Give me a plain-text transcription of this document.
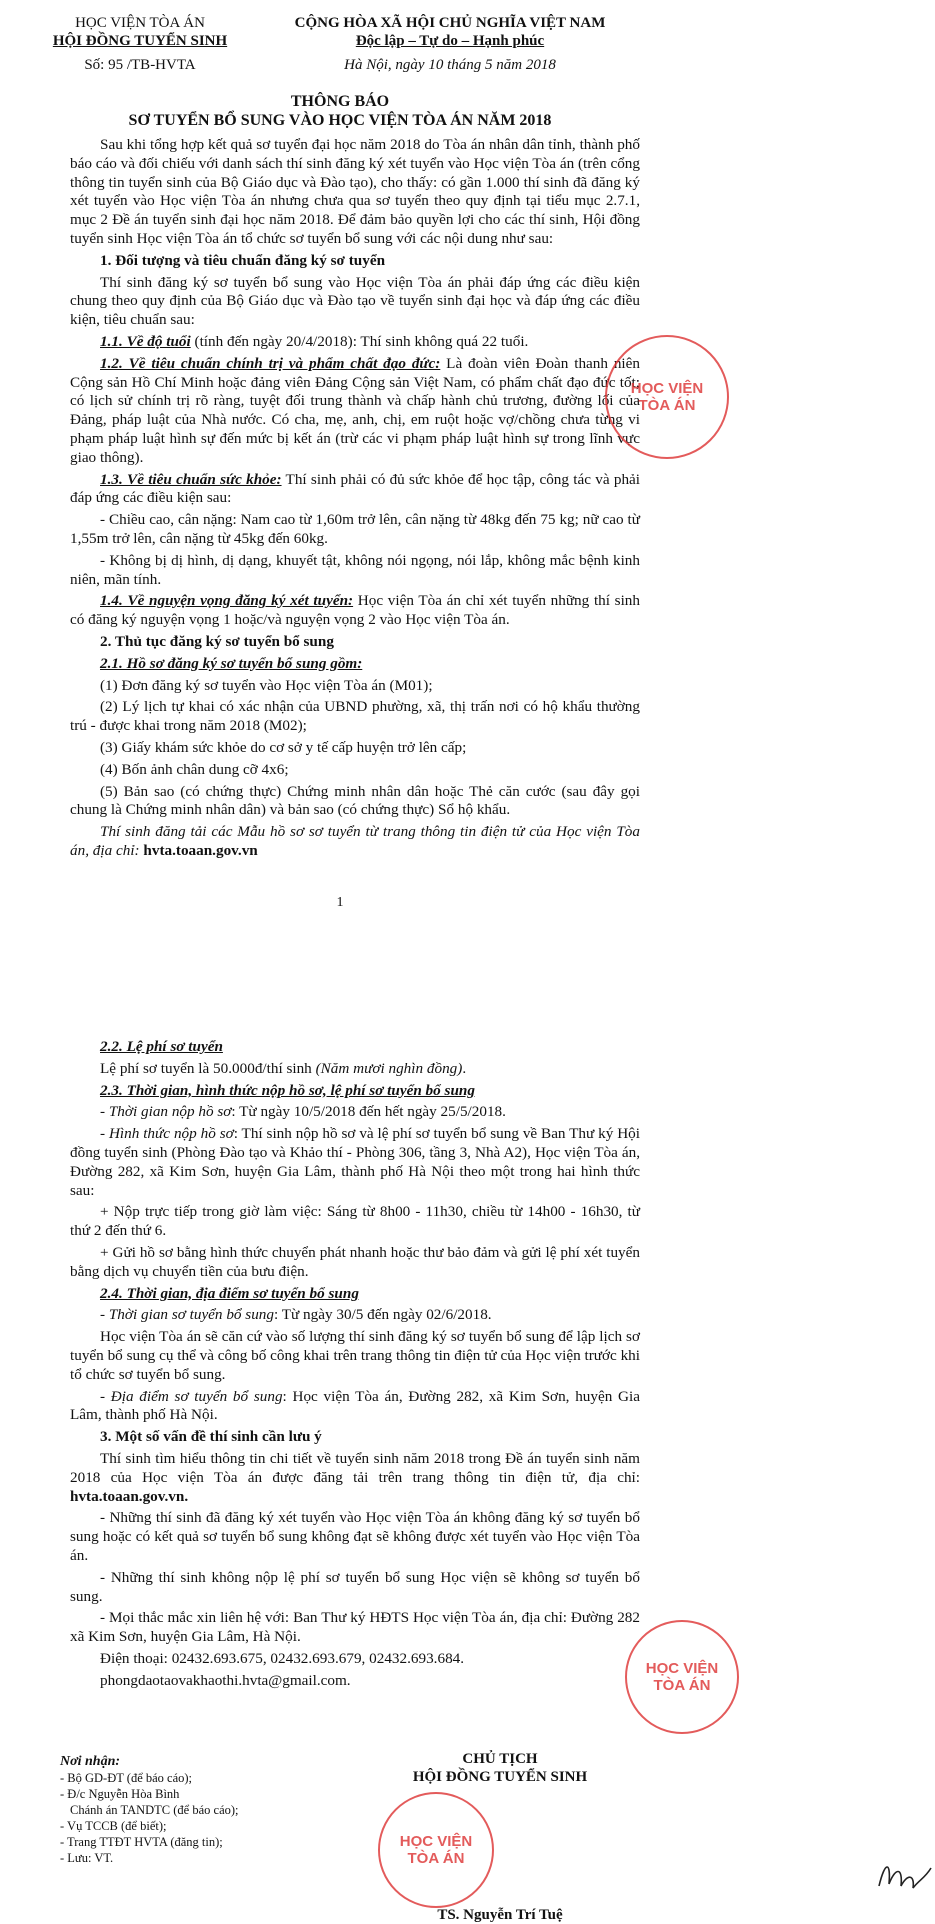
HỌC VIỆN TÒA ÁN
HỘI ĐỒNG TUYỂN SINH
Số: 95 /TB-HVTA
CỘNG HÒA XÃ HỘI CHỦ NGHĨA VIỆT NAM
Độc lập – Tự do – Hạnh phúc
Hà Nội, ngày 10 tháng 5 năm 2018
THÔNG BÁO
SƠ TUYỂN BỔ SUNG VÀO HỌC VIỆN TÒA ÁN NĂM 2018

Sau khi tổng hợp kết quả sơ tuyển đại học năm 2018 do Tòa án nhân dân tỉnh, thành phố báo cáo và đối chiếu với danh sách thí sinh đăng ký xét tuyển vào Học viện Tòa án (trên cổng thông tin tuyển sinh của Bộ Giáo dục và Đào tạo), cho thấy: có gần 1.000 thí sinh đã đăng ký xét tuyển vào Học viện Tòa án nhưng chưa qua sơ tuyển theo quy định tại tiểu mục 2.7.1, mục 2 Đề án tuyển sinh đại học năm 2018. Để đảm bảo quyền lợi cho các thí sinh, Hội đồng tuyển sinh Học viện Tòa án tổ chức sơ tuyển bổ sung với các nội dung như sau:

1. Đối tượng và tiêu chuẩn đăng ký sơ tuyển

Thí sinh đăng ký sơ tuyển bổ sung vào Học viện Tòa án phải đáp ứng các điều kiện chung theo quy định của Bộ Giáo dục và Đào tạo về tuyển sinh đại học và đáp ứng các điều kiện, tiêu chuẩn sau:

1.1. Về độ tuổi (tính đến ngày 20/4/2018): Thí sinh không quá 22 tuổi.

1.2. Về tiêu chuẩn chính trị và phẩm chất đạo đức: Là đoàn viên Đoàn thanh niên Cộng sản Hồ Chí Minh hoặc đảng viên Đảng Cộng sản Việt Nam, có phẩm chất đạo đức tốt; có lịch sử chính trị rõ ràng, tuyệt đối trung thành và chấp hành chủ trương, đường lối của Đảng, pháp luật của Nhà nước. Có cha, mẹ, anh, chị, em ruột hoặc vợ/chồng chưa từng vi phạm pháp luật hình sự đến mức bị kết án (trừ các vi phạm pháp luật hình sự trong lĩnh vực giao thông).

1.3. Về tiêu chuẩn sức khỏe: Thí sinh phải có đủ sức khỏe để học tập, công tác và phải đáp ứng các điều kiện sau:

- Chiều cao, cân nặng: Nam cao từ 1,60m trở lên, cân nặng từ 48kg đến 75 kg; nữ cao từ 1,55m trở lên, cân nặng từ 45kg đến 60kg.

- Không bị dị hình, dị dạng, khuyết tật, không nói ngọng, nói lắp, không mắc bệnh kinh niên, mãn tính.

1.4. Về nguyện vọng đăng ký xét tuyển: Học viện Tòa án chỉ xét tuyển những thí sinh có đăng ký nguyện vọng 1 hoặc/và nguyện vọng 2 vào Học viện Tòa án.

2. Thủ tục đăng ký sơ tuyển bổ sung

2.1. Hồ sơ đăng ký sơ tuyển bổ sung gồm:

(1) Đơn đăng ký sơ tuyển vào Học viện Tòa án (M01);

(2) Lý lịch tự khai có xác nhận của UBND phường, xã, thị trấn nơi có hộ khẩu thường trú - được khai trong năm 2018 (M02);

(3) Giấy khám sức khỏe do cơ sở y tế cấp huyện trở lên cấp;

(4) Bốn ảnh chân dung cỡ 4x6;

(5) Bản sao (có chứng thực) Chứng minh nhân dân hoặc Thẻ căn cước (sau đây gọi chung là Chứng minh nhân dân) và bản sao (có chứng thực) Sổ hộ khẩu.

Thí sinh đăng tải các Mẫu hồ sơ sơ tuyển từ trang thông tin điện tử của Học viện Tòa án, địa chỉ: hvta.toaan.gov.vn

HỌC VIỆN
TÒA ÁN
1

2.2. Lệ phí sơ tuyển

Lệ phí sơ tuyển là 50.000đ/thí sinh (Năm mươi nghìn đồng).

2.3. Thời gian, hình thức nộp hồ sơ, lệ phí sơ tuyển bổ sung

- Thời gian nộp hồ sơ: Từ ngày 10/5/2018 đến hết ngày 25/5/2018.

- Hình thức nộp hồ sơ: Thí sinh nộp hồ sơ và lệ phí sơ tuyển bổ sung về Ban Thư ký Hội đồng tuyển sinh (Phòng Đào tạo và Khảo thí - Phòng 306, tầng 3, Nhà A2), Học viện Tòa án, Đường 282, xã Kim Sơn, huyện Gia Lâm, thành phố Hà Nội theo một trong hai hình thức sau:

+ Nộp trực tiếp trong giờ làm việc: Sáng từ 8h00 - 11h30, chiều từ 14h00 - 16h30, từ thứ 2 đến thứ 6.

+ Gửi hồ sơ bằng hình thức chuyển phát nhanh hoặc thư bảo đảm và gửi lệ phí xét tuyển bằng dịch vụ chuyển tiền của bưu điện.

2.4. Thời gian, địa điểm sơ tuyển bổ sung

- Thời gian sơ tuyển bổ sung: Từ ngày 30/5 đến ngày 02/6/2018.

Học viện Tòa án sẽ căn cứ vào số lượng thí sinh đăng ký sơ tuyển bổ sung để lập lịch sơ tuyển bổ sung cụ thể và công bố công khai trên trang thông tin điện tử của Học viện trước khi tổ chức sơ tuyển bổ sung.

- Địa điểm sơ tuyển bổ sung: Học viện Tòa án, Đường 282, xã Kim Sơn, huyện Gia Lâm, thành phố Hà Nội.

3. Một số vấn đề thí sinh cần lưu ý

Thí sinh tìm hiểu thông tin chi tiết về tuyển sinh năm 2018 trong Đề án tuyển sinh năm 2018 của Học viện Tòa án được đăng tải trên trang thông tin điện tử, địa chỉ: hvta.toaan.gov.vn.

- Những thí sinh đã đăng ký xét tuyển vào Học viện Tòa án không đăng ký sơ tuyển bổ sung hoặc có kết quả sơ tuyển bổ sung không đạt sẽ không được xét tuyển vào Học viện Tòa án.

- Những thí sinh không nộp lệ phí sơ tuyển bổ sung Học viện sẽ không sơ tuyển bổ sung.

- Mọi thắc mắc xin liên hệ với: Ban Thư ký HĐTS Học viện Tòa án, địa chỉ: Đường 282 xã Kim Sơn, huyện Gia Lâm, Hà Nội.

Điện thoại: 02432.693.675, 02432.693.679, 02432.693.684.

phongdaotaovakhaothi.hvta@gmail.com.

HỌC VIỆN
TÒA ÁN
Nơi nhận:
- Bộ GD-ĐT (để báo cáo);
- Đ/c Nguyễn Hòa Bình
Chánh án TANDTC (để báo cáo);
- Vụ TCCB (để biết);
- Trang TTĐT HVTA (đăng tin);
- Lưu: VT.
CHỦ TỊCH
HỘI ĐỒNG TUYỂN SINH
HỌC VIỆN
TÒA ÁN
TS. Nguyễn Trí Tuệ
